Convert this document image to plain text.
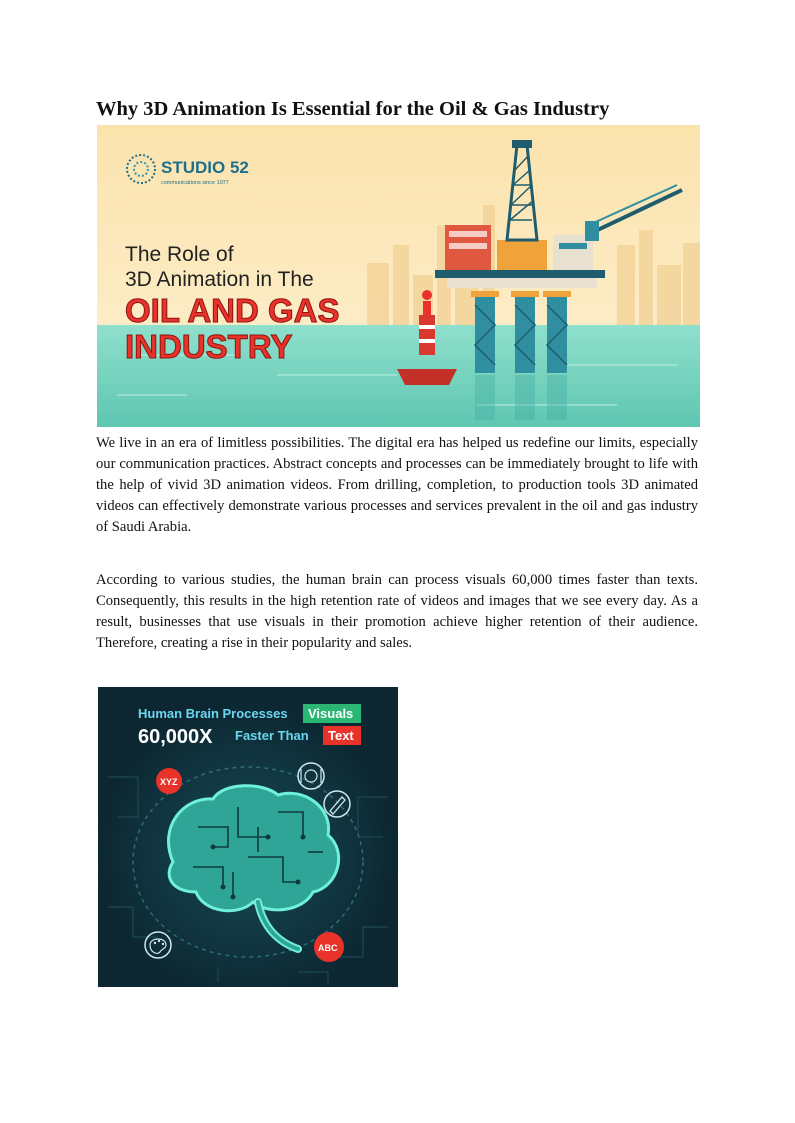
Why 3D Animation Is Essential for the Oil & Gas Industry
STUDIO 52
communications since 1977
The Role of
3D Animation in The
OIL AND GAS
INDUSTRY

We live in an era of limitless possibilities. The digital era has helped us redefine our limits, especially our communication practices. Abstract concepts and processes can be immediately brought to life with the help of vivid 3D animation videos. From drilling, completion, to production tools 3D animated videos can effectively demonstrate various processes and services prevalent in the oil and gas industry of Saudi Arabia.

According to various studies, the human brain can process visuals 60,000 times faster than texts. Consequently, this results in the high retention rate of videos and images that we see every day. As a result, businesses that use visuals in their promotion achieve higher retention of their audience. Therefore, creating a rise in their popularity and sales.

Human Brain Processes Visuals
60,000X Faster Than Text
XYZ
ABC
